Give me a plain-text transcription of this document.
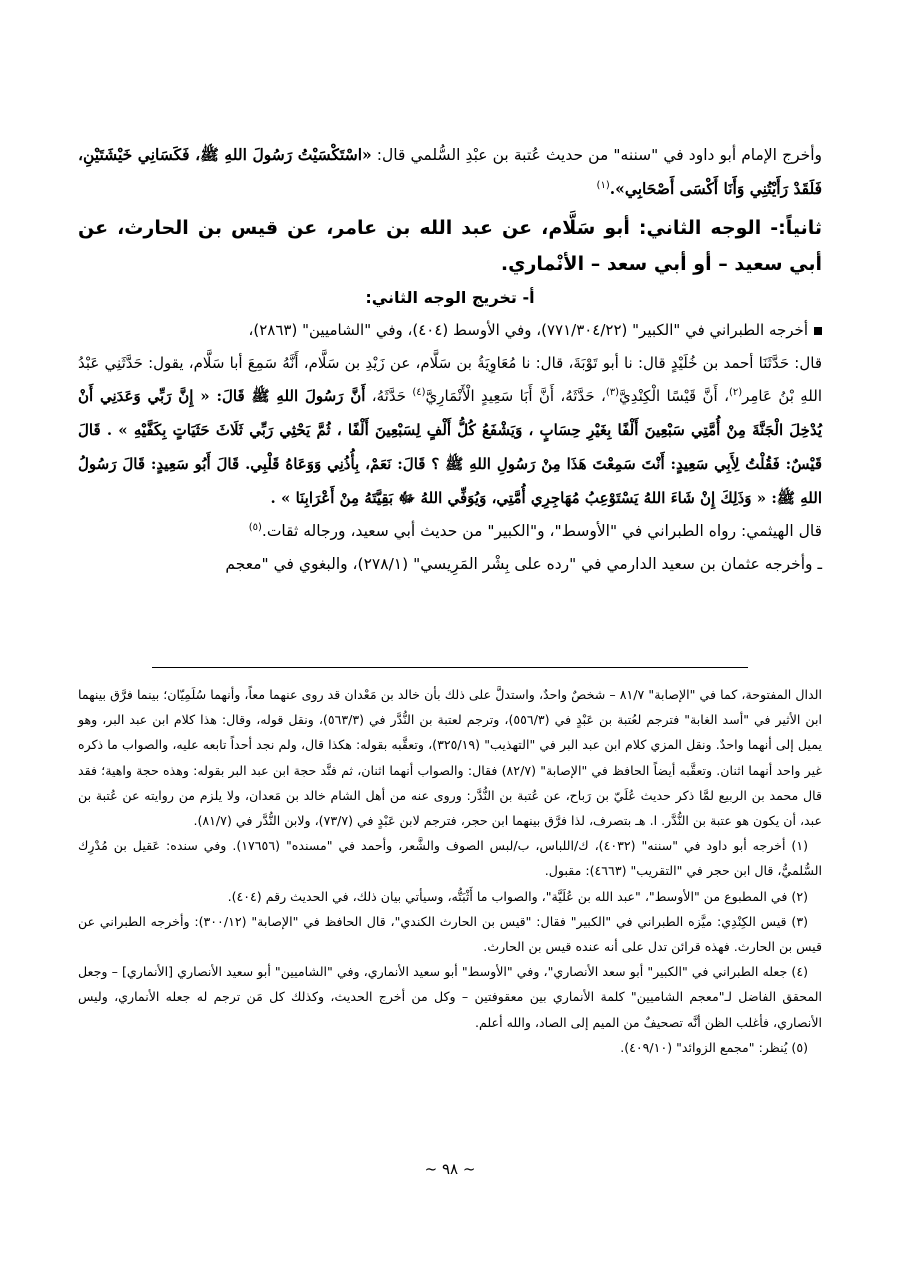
وأخرج الإمام أبو داود في "سننه" من حديث عُتبة بن عبْدِ السُّلمي قال: «اسْتَكْسَيْتُ رَسُولَ اللهِ ﷺ، فَكَسَانِي خَيْشَتَيْنِ، فَلَقَدْ رَأَيْتُنِي وَأَنَا أَكْسَى أَصْحَابِي».$^{(١)}$

ثانياً:- الوجه الثاني: أبو سَلَّام، عن عبد الله بن عامر، عن قيس بن الحارث، عن أبي سعيد – أو أبي سعد – الأنْماري.

أ- تخريج الوجه الثاني:

أخرجه الطبراني في "الكبير" (٧٧١/٣٠٤/٢٢)، وفي الأوسط (٤٠٤)، وفي "الشاميين" (٢٨٦٣)،

قال: حَدَّثَنَا أحمد بن خُلَيْدٍ قال: نا أبو تَوْبَةَ، قال: نا مُعَاوِيَةُ بن سَلَّام، عن زَيْدِ بن سَلَّام، أَنَّهُ سَمِعَ أبا سَلَّام، يقول: حَدَّثَنِي عَبْدُ اللهِ بْنُ عَامِر$^{(٢)}$، أَنَّ قَيْسًا الْكِنْدِيَّ$^{(٣)}$، حَدَّثَهُ، أَنَّ أَبَا سَعِيدٍ الْأَنْمَارِيَّ$^{(٤)}$ حَدَّثَهُ، أَنَّ رَسُولَ اللهِ ﷺ قَالَ: « إِنَّ رَبِّي وَعَدَنِي أَنْ يُدْخِلَ الْجَنَّةَ مِنْ أُمَّتِي سَبْعِينَ أَلْفًا بِغَيْرِ حِسَابٍ ، وَيَشْفَعُ كُلُّ أَلْفٍ لِسَبْعِينَ أَلْفًا ، ثُمَّ يَحْثِي رَبِّي ثَلَاثَ حَثَيَاتٍ بِكَفَّيْهِ » . قَالَ قَيْسٌ: فَقُلْتُ لِأَبِي سَعِيدٍ: أَنْتَ سَمِعْتَ هَذَا مِنْ رَسُولِ اللهِ ﷺ ؟ قَالَ: نَعَمْ، بِأُذُنِي وَوَعَاهُ قَلْبِي. قَالَ أَبُو سَعِيدٍ: قَالَ رَسُولُ اللهِ ﷺ: « وَذَلِكَ إِنْ شَاءَ اللهُ يَسْتَوْعِبُ مُهَاجِرِي أُمَّتِي، وَيُوَفِّي اللهُ ﷻ بَقِيَّتَهُ مِنْ أَعْرَابِنَا » .

قال الهيثمي: رواه الطبراني في "الأوسط"، و"الكبير" من حديث أبي سعيد، ورجاله ثقات.$^{(٥)}$

ـ وأخرجه عثمان بن سعيد الدارمي في "رده على بِشْر المَرِيسي" (٢٧٨/١)، والبغوي في "معجم

الدال المفتوحة، كما في "الإصابة" ٨١/٧ – شخصٌ واحدٌ، واستدلَّ على ذلك بأن خالد بن مَعْدان قد روى عنهما معاً، وأنهما سُلَمِيّان؛ بينما فرَّق بينهما ابن الأثير في "أسد الغابة" فترجم لعُتبة بن عَبْدٍ في (٥٥٦/٣)، وترجم لعتبة بن النُّدَّر في (٥٦٣/٣)، ونقل قوله، وقال: هذا كلام ابن عبد البر، وهو يميل إلى أنهما واحدٌ. ونقل المزي كلام ابن عبد البر في "التهذيب" (٣٢٥/١٩)، وتعقَّبه بقوله: هكذا قال، ولم نجد أحداً تابعه عليه، والصواب ما ذكره غير واحد أنهما اثنان. وتعقَّبه أيضاً الحافظ في "الإصابة" (٨٢/٧) فقال: والصواب أنهما اثنان، ثم فنَّد حجة ابن عبد البر بقوله: وهذه حجة واهية؛ فقد قال محمد بن الربيع لمَّا ذكر حديث عُلَيّ بن رَباح، عن عُتبة بن النُّدَّر: وروى عنه من أهل الشام خالد بن مَعدان، ولا يلزم من روايته عن عُتبة بن عبد، أن يكون هو عتبة بن النُّدَّر. ا. هـ بتصرف، لذا فرَّق بينهما ابن حجر، فترجم لابن عَبْدٍ في (٧٣/٧)، ولابن النُّدَّر في (٨١/٧).

(١) أخرجه أبو داود في "سننه" (٤٠٣٢)، ك/اللباس، ب/لبس الصوف والشَّعر، وأحمد في "مسنده" (١٧٦٥٦). وفي سنده: عَقيل بن مُدْرِك السُّلميُّ، قال ابن حجر في "التقريب" (٤٦٦٣): مقبول.

(٢) في المطبوع من "الأوسط"، "عبد الله بن عُلَيَّة"، والصواب ما أَثْبَتُّه، وسيأتي بيان ذلك، في الحديث رقم (٤٠٤).

(٣) قيس الكِنْدِي: ميَّزه الطبراني في "الكبير" فقال: "قيس بن الحارث الكندي"، قال الحافظ في "الإصابة" (٣٠٠/١٢): وأخرجه الطبراني عن قيس بن الحارث. فهذه قرائن تدل على أنه عنده قيس بن الحارث.

(٤) جعله الطبراني في "الكبير" أبو سعد الأنصاري"، وفي "الأوسط" أبو سعيد الأنماري، وفي "الشاميين" أبو سعيد الأنصاري [الأنماري] – وجعل المحقق الفاضل لـ"معجم الشاميين" كلمة الأنماري بين معقوفتين – وكل من أخرج الحديث، وكذلك كل مَن ترجم له جعله الأنماري، وليس الأنصاري، فأغلب الظن أنَّه تصحيفٌ من الميم إلى الصاد، والله أعلم.

(٥) يُنظر: "مجمع الزوائد" (٤٠٩/١٠).

~ ٩٨ ~
